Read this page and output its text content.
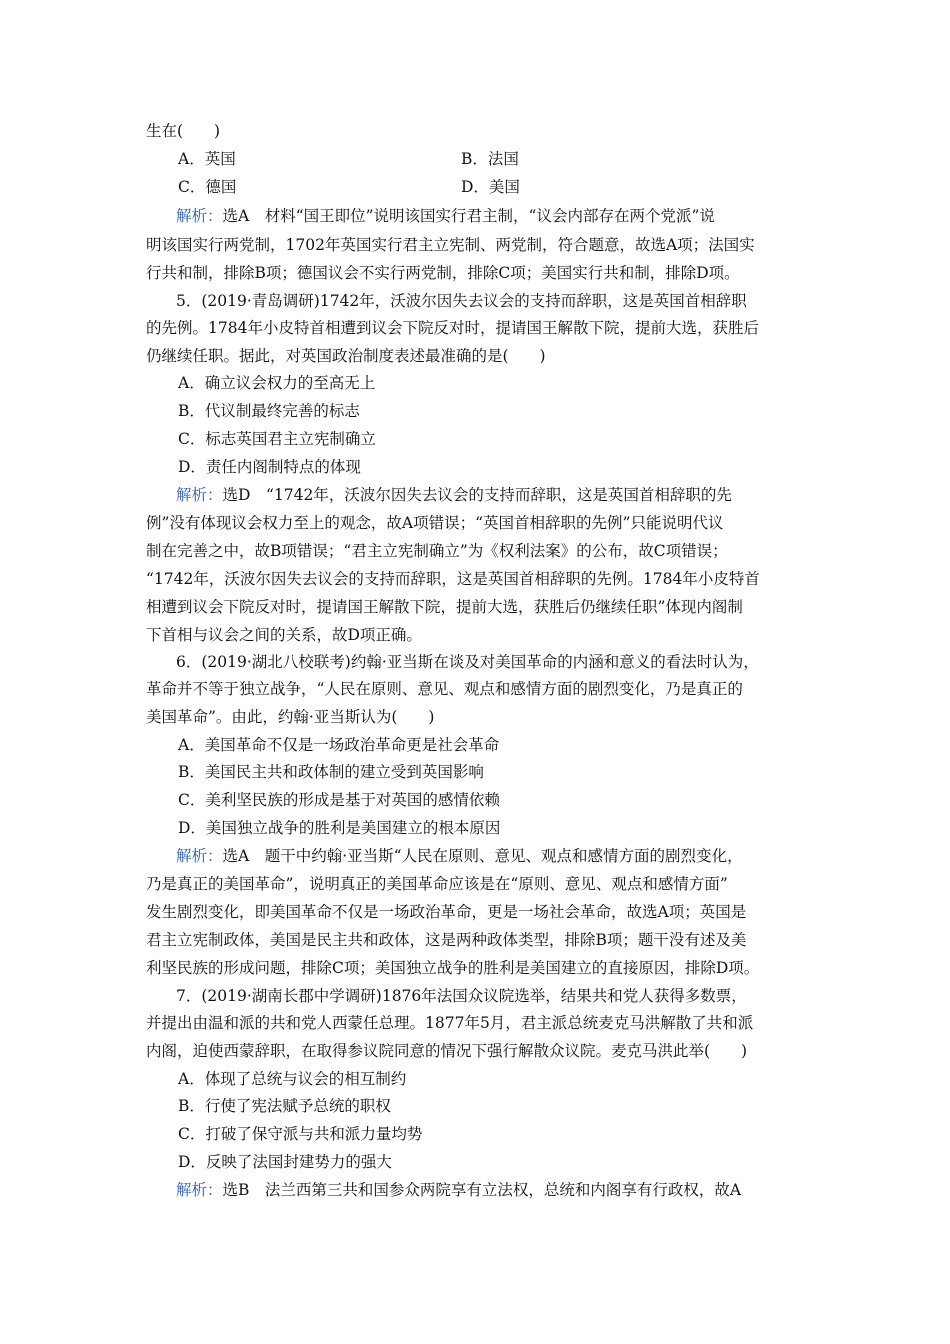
生在(　　)
A．英国	B．法国
C．德国	D．美国
解析：选A　材料“国王即位”说明该国实行君主制，“议会内部存在两个党派”说
明该国实行两党制，1702年英国实行君主立宪制、两党制，符合题意，故选A项；法国实
行共和制，排除B项；德国议会不实行两党制，排除C项；美国实行共和制，排除D项。
5．(2019·青岛调研)1742年，沃波尔因失去议会的支持而辞职，这是英国首相辞职
的先例。1784年小皮特首相遭到议会下院反对时，提请国王解散下院，提前大选，获胜后
仍继续任职。据此，对英国政治制度表述最准确的是(　　)
A．确立议会权力的至高无上
B．代议制最终完善的标志
C．标志英国君主立宪制确立
D．责任内阁制特点的体现
解析：选D　“1742年，沃波尔因失去议会的支持而辞职，这是英国首相辞职的先
例”没有体现议会权力至上的观念，故A项错误；“英国首相辞职的先例”只能说明代议
制在完善之中，故B项错误；“君主立宪制确立”为《权利法案》的公布，故C项错误；
“1742年，沃波尔因失去议会的支持而辞职，这是英国首相辞职的先例。1784年小皮特首
相遭到议会下院反对时，提请国王解散下院，提前大选，获胜后仍继续任职”体现内阁制
下首相与议会之间的关系，故D项正确。
6．(2019·湖北八校联考)约翰·亚当斯在谈及对美国革命的内涵和意义的看法时认为，
革命并不等于独立战争，“人民在原则、意见、观点和感情方面的剧烈变化，乃是真正的
美国革命”。由此，约翰·亚当斯认为(　　)
A．美国革命不仅是一场政治革命更是社会革命
B．美国民主共和政体制的建立受到英国影响
C．美利坚民族的形成是基于对英国的感情依赖
D．美国独立战争的胜利是美国建立的根本原因
解析：选A　题干中约翰·亚当斯“人民在原则、意见、观点和感情方面的剧烈变化，
乃是真正的美国革命”，说明真正的美国革命应该是在“原则、意见、观点和感情方面”
发生剧烈变化，即美国革命不仅是一场政治革命，更是一场社会革命，故选A项；英国是
君主立宪制政体，美国是民主共和政体，这是两种政体类型，排除B项；题干没有述及美
利坚民族的形成问题，排除C项；美国独立战争的胜利是美国建立的直接原因，排除D项。
7．(2019·湖南长郡中学调研)1876年法国众议院选举，结果共和党人获得多数票，
并提出由温和派的共和党人西蒙任总理。1877年5月，君主派总统麦克马洪解散了共和派
内阁，迫使西蒙辞职，在取得参议院同意的情况下强行解散众议院。麦克马洪此举(　　)
A．体现了总统与议会的相互制约
B．行使了宪法赋予总统的职权
C．打破了保守派与共和派力量均势
D．反映了法国封建势力的强大
解析：选B　法兰西第三共和国参众两院享有立法权，总统和内阁享有行政权，故A
